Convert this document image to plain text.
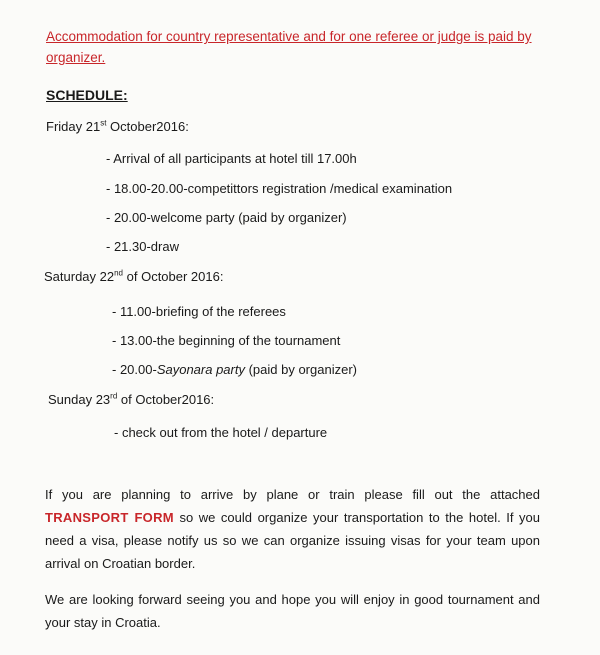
Accommodation for country representative and for one referee or judge is paid by organizer.
SCHEDULE:
Friday 21st October2016:
- Arrival of all participants at hotel till 17.00h
- 18.00-20.00-competittors registration /medical examination
- 20.00-welcome party (paid by organizer)
- 21.30-draw
Saturday 22nd of October 2016:
- 11.00-briefing of the referees
- 13.00-the beginning of the tournament
- 20.00-Sayonara party (paid by organizer)
Sunday 23rd of October2016:
- check out from the hotel / departure
If you are planning to arrive by plane or train please fill out the attached TRANSPORT FORM so we could organize your transportation to the hotel. If you need a visa, please notify us so we can organize issuing visas for your team upon arrival on Croatian border.
We are looking forward seeing you and hope you will enjoy in good tournament and your stay in Croatia.
